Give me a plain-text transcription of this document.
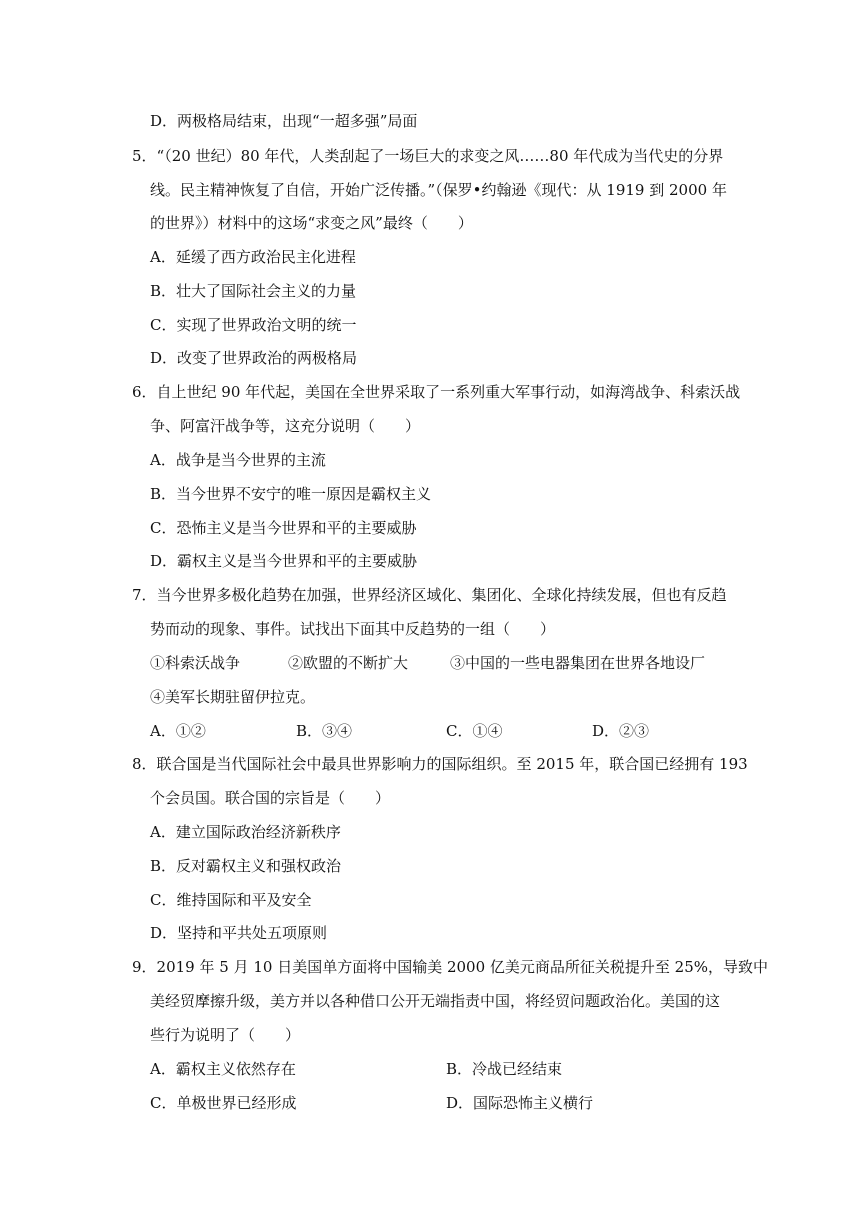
D．两极格局结束，出现“一超多强”局面
5．“（20 世纪）80 年代，人类刮起了一场巨大的求变之风……80 年代成为当代史的分界
线。民主精神恢复了自信，开始广泛传播。”（保罗•约翰逊《现代：从 1919 到 2000 年
的世界》）材料中的这场“求变之风”最终（　　）
A．延缓了西方政治民主化进程
B．壮大了国际社会主义的力量
C．实现了世界政治文明的统一
D．改变了世界政治的两极格局
6．自上世纪 90 年代起，美国在全世界采取了一系列重大军事行动，如海湾战争、科索沃战
争、阿富汗战争等，这充分说明（　　）
A．战争是当今世界的主流
B．当今世界不安宁的唯一原因是霸权主义
C．恐怖主义是当今世界和平的主要威胁
D．霸权主义是当今世界和平的主要威胁
7．当今世界多极化趋势在加强，世界经济区域化、集团化、全球化持续发展，但也有反趋
势而动的现象、事件。试找出下面其中反趋势的一组（　　）
①科索沃战争	②欧盟的不断扩大	③中国的一些电器集团在世界各地设厂
④美军长期驻留伊拉克。
A．①②	B．③④	C．①④	D．②③
8．联合国是当代国际社会中最具世界影响力的国际组织。至 2015 年，联合国已经拥有 193
个会员国。联合国的宗旨是（　　）
A．建立国际政治经济新秩序
B．反对霸权主义和强权政治
C．维持国际和平及安全
D．坚持和平共处五项原则
9．2019 年 5 月 10 日美国单方面将中国输美 2000 亿美元商品所征关税提升至 25%，导致中
美经贸摩擦升级，美方并以各种借口公开无端指责中国，将经贸问题政治化。美国的这
些行为说明了（　　）
A．霸权主义依然存在	B．冷战已经结束
C．单极世界已经形成	D．国际恐怖主义横行
